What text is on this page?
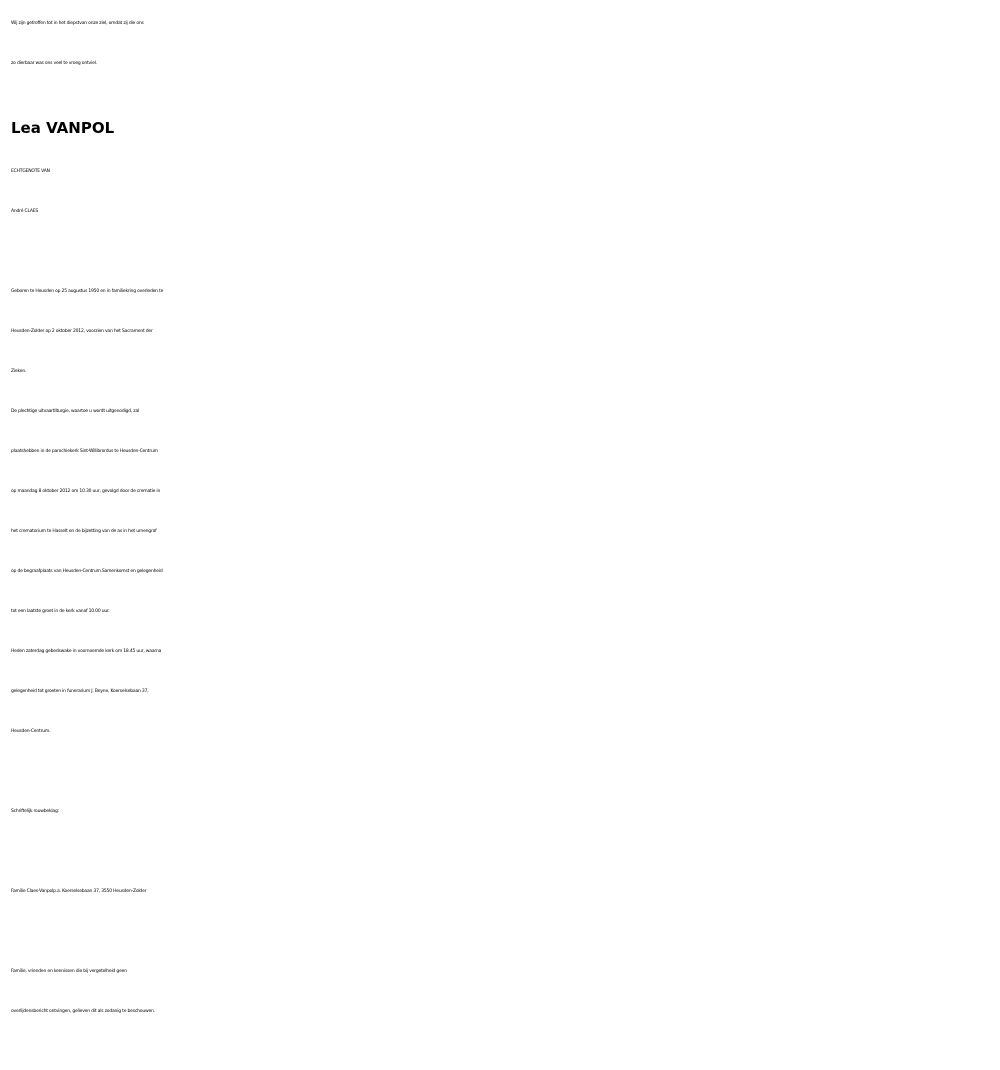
Wij zijn getroffen tot in het diepstvan onze ziel, omdat zij die ons
zo dierbaar was ons veel te vroeg ontviel.
Lea VANPOL
ECHTGENOTE VAN
André CLAES
Geboren te Heusden op 25 augustus 1950 en in familiekring overleden te
Heusden-Zolder op 2 oktober 2012, voorzien van het Sacrament der
Zieken.
De plechtige uitvaartliturgie, waartoe u wordt uitgenodigd, zal
plaatshebben in de parochiekerk Sint-Willibrordus te Heusden-Centrum
op maandag 8 oktober 2012 om 10.30 uur, gevolgd door de crematie in
het crematorium te Hasselt en de bijzetting van de as in het urnengraf
op de begraafplaats van Heusden-Centrum.Samenkomst en gelegenheid
tot een laatste groet in de kerk vanaf 10.00 uur.
Heden zaterdag gebedswake in voornoemde kerk om 18.45 uur, waarna
gelegenheid tot groeten in funerarium J. Beyne, Koerselsebaan 37,
Heusden-Centrum.
Schriftelijk rouwbeklag:
Familie Claes-Vanpolp.a. Koerselsebaan 37, 3550 Heusden-Zolder
Familie, vrienden en kennissen die bij vergetelheid geen
overlijdensbericht ontvingen, gelieven dit als zodanig te beschouwen.
